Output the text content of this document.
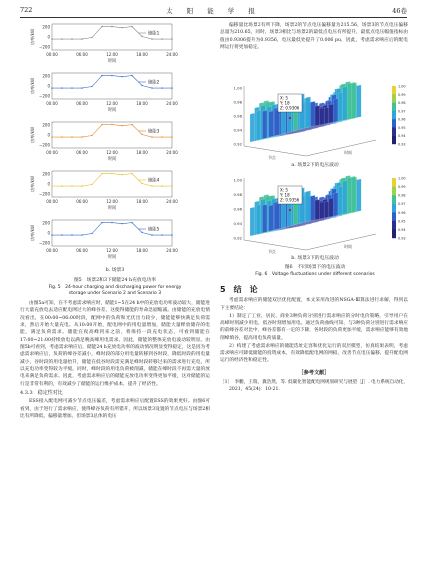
722	太 阳 能 学 报	46卷
200
0
−200
功率/kW
00:00	06:00	12:00	18:00	24:00
时间
储能1
200
0
−200
功率/kW
00:00	06:00	12:00	18:00	24:00
时间
储能2
200
0
−200
功率/kW
00:00	06:00	12:00	18:00	24:00
时间
储能3
200
0
−200
功率/kW
00:00	06:00	12:00	18:00	24:00
时间
储能4
200
0
−200
功率/kW
00:00	06:00	12:00	18:00	24:00
时间
储能5
b. 场景3
图5　场景2和3下储能24 h充放电功率
Fig. 5　24-hour charging and discharging power for energy
storage under Scenario 2 and Scenario 3

由图5a可知，在不考虑需求响应时，储能1~5在24 h中的充放电功率波动较大，储能进行大量充放电去适应配电网过大的峰谷差，这使得储能的寿命急剧缩减。由储能的充放电情况看出，在00:00~06:00时段，配网中的负荷和光伏出力较少，储能能够快满足负荷需求，然后开始大量充电。从10:00开始，配电网中的用电量增加，储能大量释放储存的电能，满足负荷需求。储能在夜高峰到来之前，将保持一段充电状态，可看到储能在17:00~21:00持续放电以满足晚高峰用电需求。因此，储能的整体充放电波动较明显。由图5b可看到，考虑需求响应后，储能24 h充放电功率的波动情况明显变得稳定，这是因为考虑需求响应后，负荷的峰谷差减小，峰时段的部分用电量转移到谷时段，降低时段的用电量减小，谷时段的用电量抬升，储能在低谷时段需充满足峰时段转移过来的需求进行充电，所以充电功率变得较为平缓。同时，峰时段的用电负荷被削减，储能在峰时段不再需大量的放电来满足负荷需求。因此，考虑需求响应后的储能充放电功率变得更加平缓，这对储能的运行是非常有利的，有效减少了储能的运行维护成本，提升了经济性。

4.3.3　稳定性对比

ESS接入配电网可减少节点电压偏差，考虑需求响应后配置ESS的效果更好。由图6可看到，由于进行了需求响应，使得峰谷负荷有所错开，所以场景3设置的节点电压与场景2相比有所降低，偏移量增加。但场景3总体的电压

偏移量比场景2有所下降，场景2的节点电压偏移量为215.56，场景3的节点电压偏移总量为210.65，同时，场景3相比与场景2的最低点电压有所提升，最低点电压幅值指标由值由0.9306提升为0.9356，电压最低处提升了0.006 pu，因此，考虑需求响应后的配电网运行将更加稳定。

1.00
0.98
0.96
0.94
0.92
X: 5
Y: 18
Z: 0.9306
节点
时间
1.00
0.99
0.98
0.97
0.96
0.95
0.94
0.93
a. 场景2下的电压波动
1.00
0.98
0.96
0.94
0.92
X: 5
Y: 18
Z: 0.9356
节点
时间
1.00
0.99
0.98
0.97
0.96
0.95
0.94
0.93
b. 场景3下的电压波动
图6　不同场景下的电压波动
Fig. 6　Voltage fluctuations under different scenarios
5　结　论

考虑需求响应的储能双层优化配置，本文采用改进的NSGA-Ⅲ算法进行求解，得到以下主要结论：

1）制定了工业、居民、商业3种负荷分别进行需求响应的分时电价策略，引导用户在高峰时刻减少用电，低谷时刻增加用电。通过负荷曲线可知，与3种负荷分别进行需求响应的前峰谷差对比中，峰谷差都有一定的下降，各时段的负荷更加平缓，需求响应能够有效地削峰填谷，提高用电负荷质量。

2）构建了考虑需求响应的储能选址定容和优化运行的双层模型，仿真结果表明，考虑需求响应可降低储能的投资成本，有效降低配电网的网损，改善节点电压偏移，提升配电网运行的经济性和稳定性。

［参考文献］
［1］　李鹏，王瑞，冀浩然，等. 低碳化智能配电网规划研究与展望［J］. 电力系统自动化，2021，45(24)：10-21.
